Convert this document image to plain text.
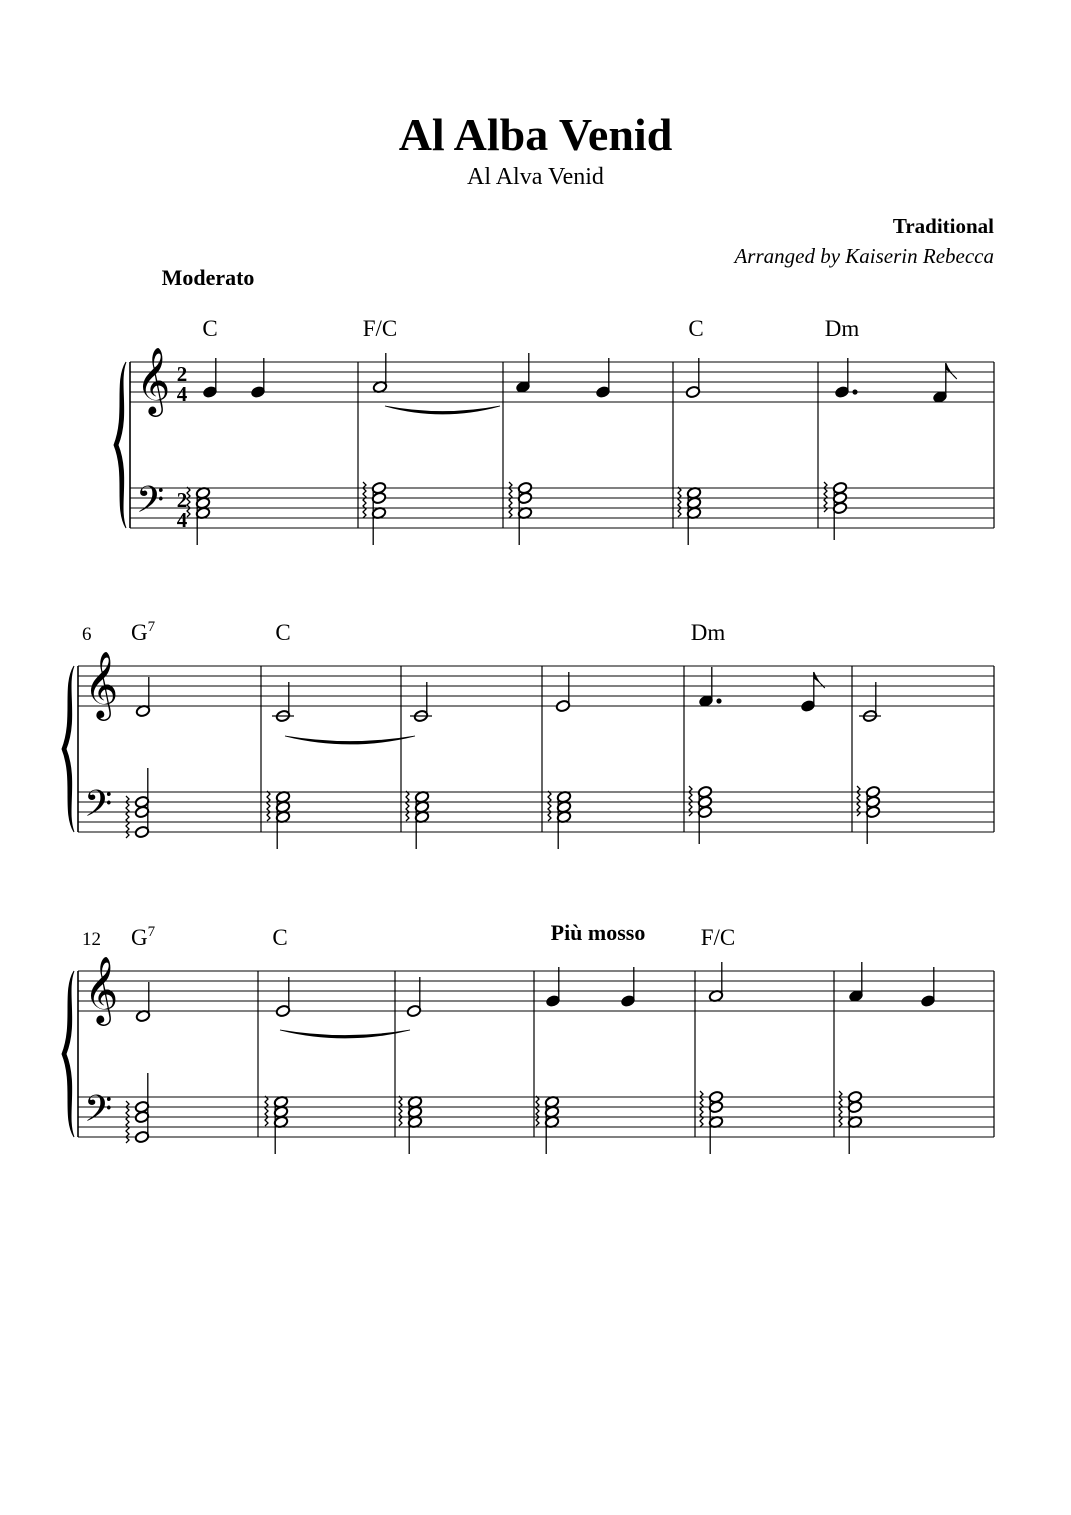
Al Alba Venid
Al Alva Venid
Traditional
Arranged by Kaiserin Rebecca
𝄞
𝄢
2
4
2
4
Moderato
C	F/C	C	Dm
𝄞
𝄢
6 $G^7$	C	Dm
𝄞
𝄢
Più mosso
12 $G^7$	C	F/C
